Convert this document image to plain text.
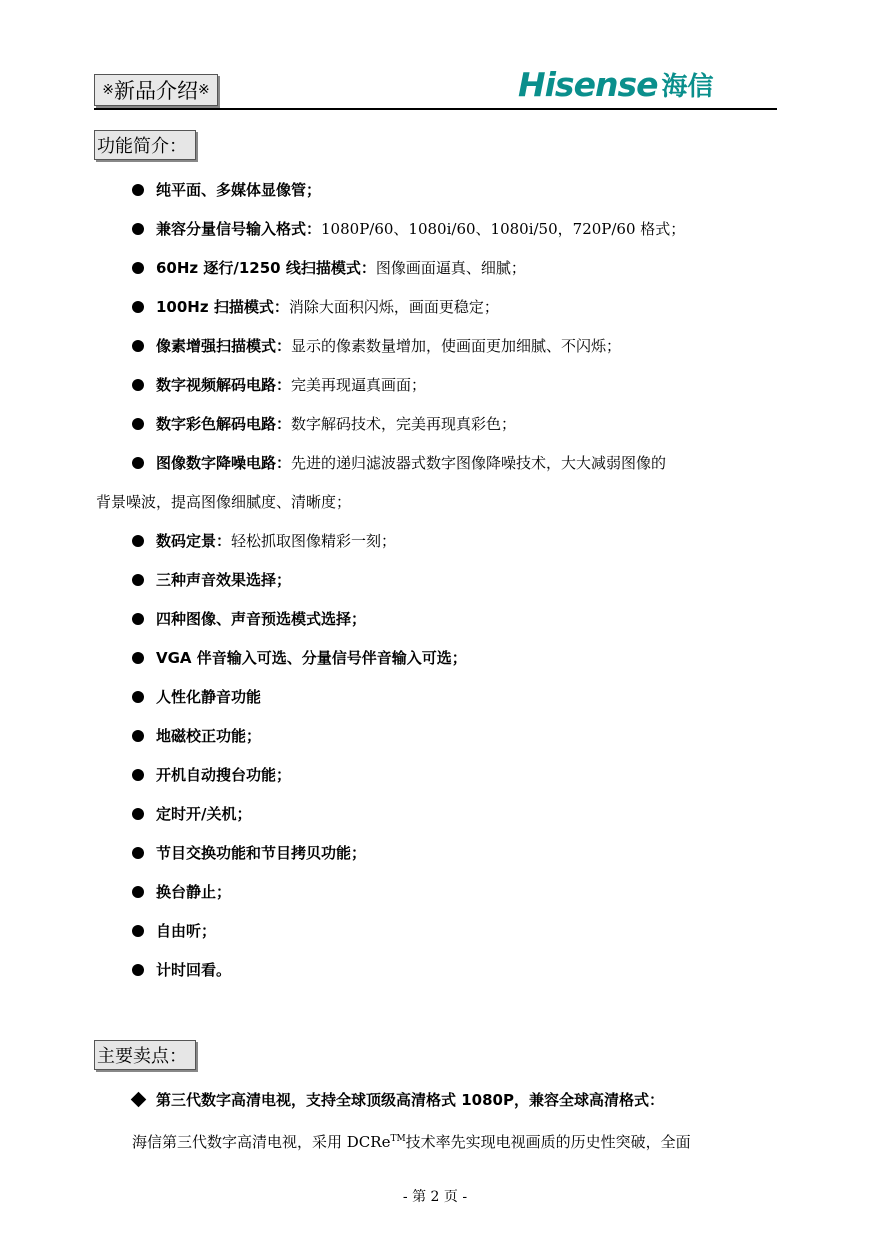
※ 新品介绍 ※	Hisense 海信
功能简介：
纯平面、多媒体显像管；
兼容分量信号输入格式：1080P/60、1080i/60、1080i/50，720P/60 格式；
60Hz 逐行/1250 线扫描模式：图像画面逼真、细腻；
100Hz 扫描模式：消除大面积闪烁，画面更稳定；
像素增强扫描模式：显示的像素数量增加，使画面更加细腻、不闪烁；
数字视频解码电路：完美再现逼真画面；
数字彩色解码电路：数字解码技术，完美再现真彩色；
图像数字降噪电路：先进的递归滤波器式数字图像降噪技术，大大减弱图像的
背景噪波，提高图像细腻度、清晰度；
数码定景：轻松抓取图像精彩一刻；
三种声音效果选择；
四种图像、声音预选模式选择；
VGA 伴音输入可选、分量信号伴音输入可选；
人性化静音功能
地磁校正功能；
开机自动搜台功能；
定时开/关机；
节目交换功能和节目拷贝功能；
换台静止；
自由听；
计时回看。
主要卖点：
第三代数字高清电视，支持全球顶级高清格式 1080P，兼容全球高清格式：
海信第三代数字高清电视，采用 DCRe™技术率先实现电视画质的历史性突破，全面
- 第 2 页 -
